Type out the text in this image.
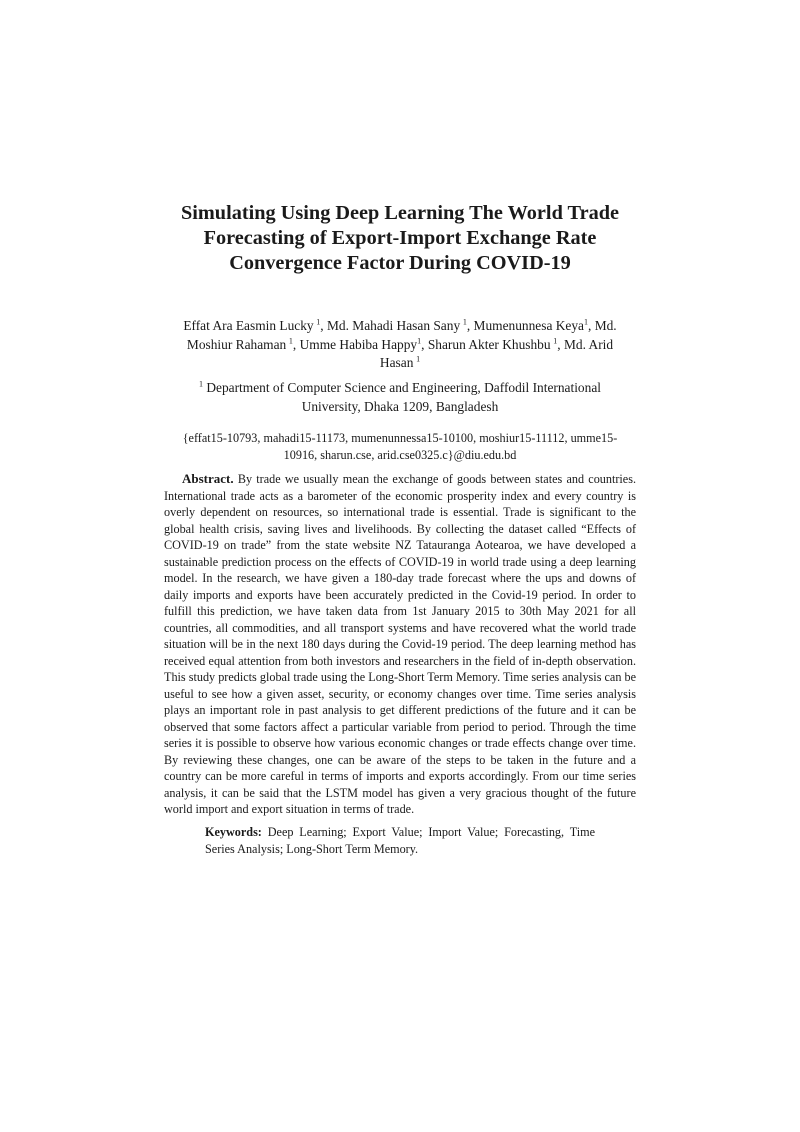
Simulating Using Deep Learning The World Trade
Forecasting of Export-Import Exchange Rate
Convergence Factor During COVID-19
Effat Ara Easmin Lucky  $^1$, Md. Mahadi Hasan Sany  $^1$, Mumenunnesa Keya$^1$, Md. Moshiur Rahaman  $^1$, Umme Habiba Happy$^1$, Sharun Akter Khushbu  $^1$, Md. Arid Hasan  $^1$
$^1$ Department of Computer Science and Engineering, Daffodil International University, Dhaka 1209, Bangladesh
{effat15-10793, mahadi15-11173, mumenunnessa15-10100, moshiur15-11112, umme15-10916, sharun.cse, arid.cse0325.c}@diu.edu.bd
Abstract. By trade we usually mean the exchange of goods between states and countries. International trade acts as a barometer of the economic prosperity index and every country is overly dependent on resources, so international trade is essential. Trade is significant to the global health crisis, saving lives and livelihoods. By collecting the dataset called “Effects of COVID-19 on trade” from the state website NZ Tatauranga Aotearoa, we have developed a sustainable prediction process on the effects of COVID-19 in world trade using a deep learning model. In the research, we have given a 180-day trade forecast where the ups and downs of daily imports and exports have been accurately predicted in the Covid-19 period. In order to fulfill this prediction, we have taken data from 1st January 2015 to 30th May 2021 for all countries, all commodities, and all transport systems and have recovered what the world trade situation will be in the next 180 days during the Covid-19 period. The deep learning method has received equal attention from both investors and researchers in the field of in-depth observation. This study predicts global trade using the Long-Short Term Memory. Time series analysis can be useful to see how a given asset, security, or economy changes over time. Time series analysis plays an important role in past analysis to get different predictions of the future and it can be observed that some factors affect a particular variable from period to period. Through the time series it is possible to observe how various economic changes or trade effects change over time. By reviewing these changes, one can be aware of the steps to be taken in the future and a country can be more careful in terms of imports and exports accordingly. From our time series analysis, it can be said that the LSTM model has given a very gracious thought of the future world import and export situation in terms of trade.
Keywords: Deep Learning; Export Value; Import Value; Forecasting, Time Series Analysis; Long-Short Term Memory.
